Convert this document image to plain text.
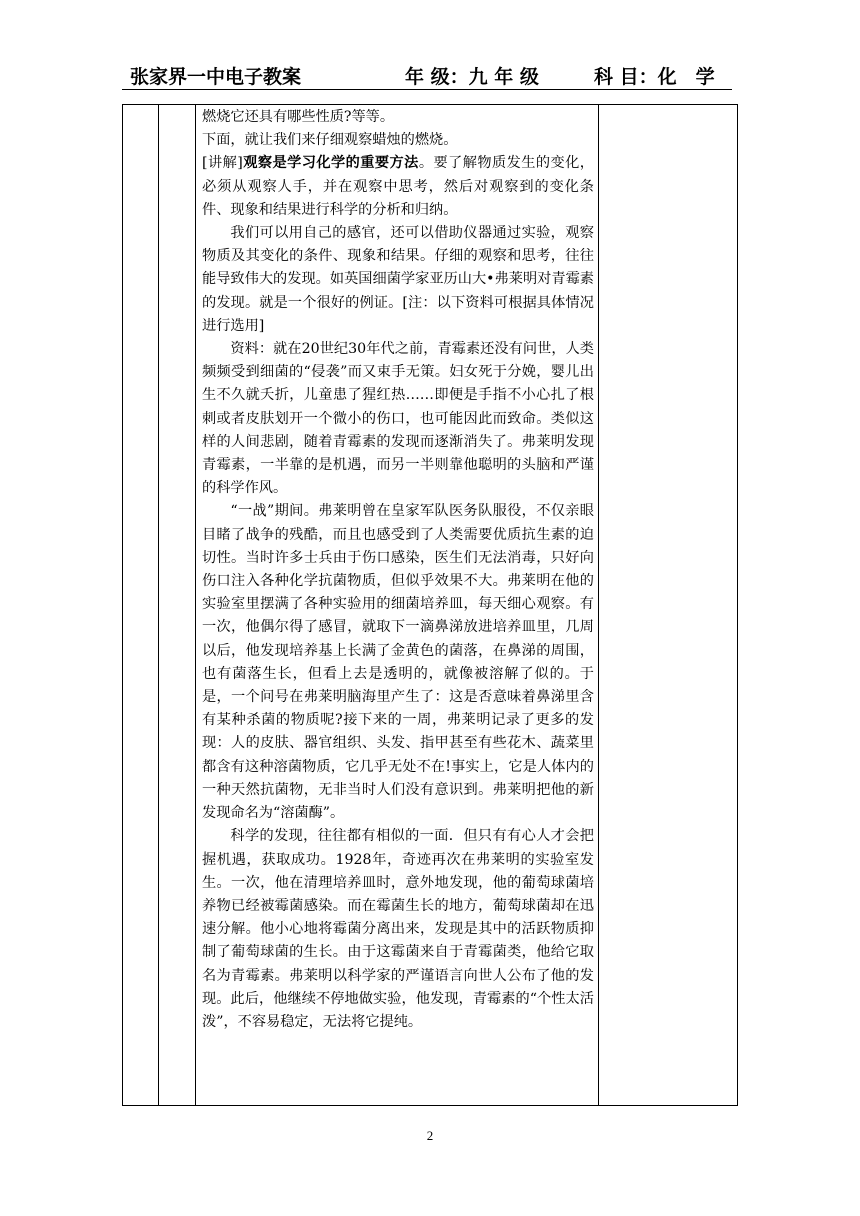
张家界一中电子教案	年 级：九 年 级	科 目：化　学

燃烧它还具有哪些性质?等等。

下面，就让我们来仔细观察蜡烛的燃烧。

[讲解]观察是学习化学的重要方法。要了解物质发生的变化，必须从观察人手，并在观察中思考，然后对观察到的变化条件、现象和结果进行科学的分析和归纳。

我们可以用自己的感官，还可以借助仪器通过实验，观察物质及其变化的条件、现象和结果。仔细的观察和思考，往往能导致伟大的发现。如英国细菌学家亚历山大•弗莱明对青霉素的发现。就是一个很好的例证。[注：以下资料可根据具体情况进行选用]

资料：就在20世纪30年代之前，青霉素还没有问世，人类频频受到细菌的“侵袭”而又束手无策。妇女死于分娩，婴儿出生不久就夭折，儿童患了猩红热……即便是手指不小心扎了根刺或者皮肤划开一个微小的伤口，也可能因此而致命。类似这样的人间悲剧，随着青霉素的发现而逐渐消失了。弗莱明发现青霉素，一半靠的是机遇，而另一半则靠他聪明的头脑和严谨的科学作风。

“一战”期间。弗莱明曾在皇家军队医务队服役，不仅亲眼目睹了战争的残酷，而且也感受到了人类需要优质抗生素的迫切性。当时许多士兵由于伤口感染，医生们无法消毒，只好向伤口注入各种化学抗菌物质，但似乎效果不大。弗莱明在他的实验室里摆满了各种实验用的细菌培养皿，每天细心观察。有一次，他偶尔得了感冒，就取下一滴鼻涕放进培养皿里，几周以后，他发现培养基上长满了金黄色的菌落，在鼻涕的周围，也有菌落生长，但看上去是透明的，就像被溶解了似的。于是，一个问号在弗莱明脑海里产生了：这是否意味着鼻涕里含有某种杀菌的物质呢?接下来的一周，弗莱明记录了更多的发现：人的皮肤、器官组织、头发、指甲甚至有些花木、蔬菜里都含有这种溶菌物质，它几乎无处不在!事实上，它是人体内的一种天然抗菌物，无非当时人们没有意识到。弗莱明把他的新发现命名为“溶菌酶”。

科学的发现，往往都有相似的一面．但只有有心人才会把握机遇，获取成功。1928年，奇迹再次在弗莱明的实验室发生。一次，他在清理培养皿时，意外地发现，他的葡萄球菌培养物已经被霉菌感染。而在霉菌生长的地方，葡萄球菌却在迅速分解。他小心地将霉菌分离出来，发现是其中的活跃物质抑制了葡萄球菌的生长。由于这霉菌来自于青霉菌类，他给它取名为青霉素。弗莱明以科学家的严谨语言向世人公布了他的发现。此后，他继续不停地做实验，他发现，青霉素的“个性太活泼”，不容易稳定，无法将它提纯。

2
